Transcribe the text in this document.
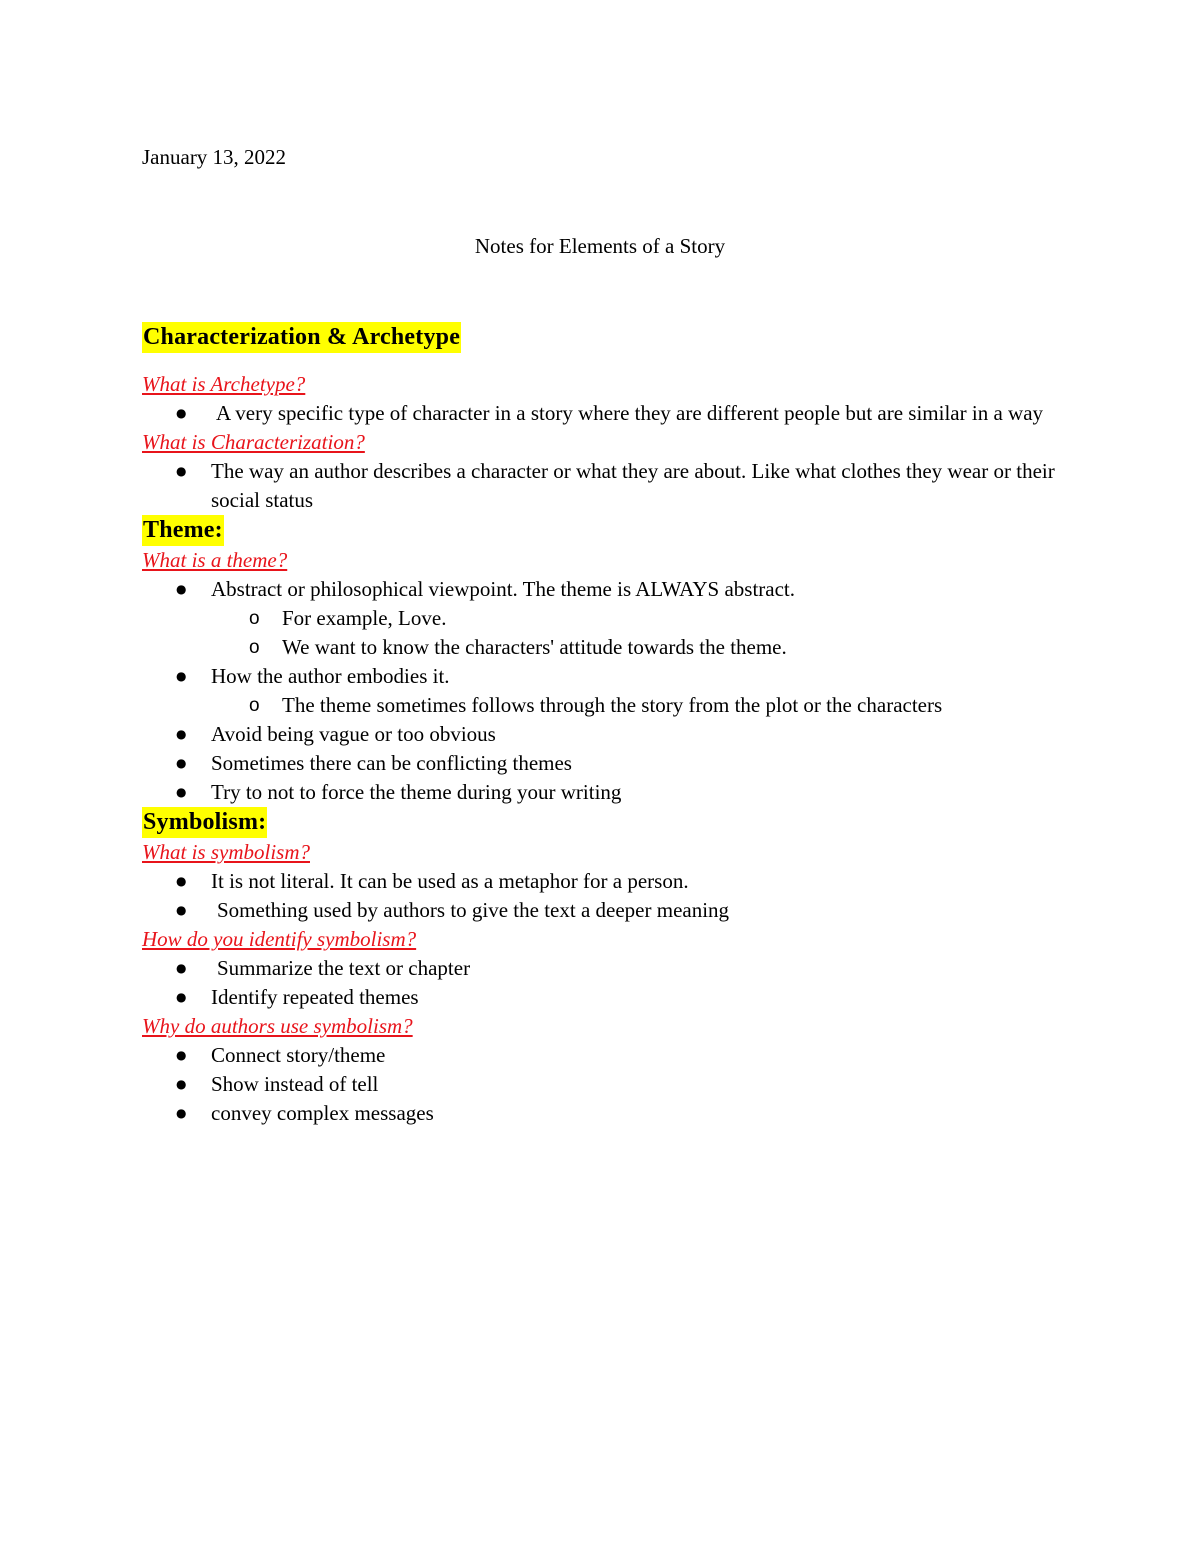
January 13, 2022
Notes for Elements of a Story
Characterization & Archetype

What is Archetype?

● A very specific type of character in a story where they are different people but are similar in a way

What is Characterization?

● The way an author describes a character or what they are about. Like what clothes they wear or their social status
Theme:

What is a theme?

● Abstract or philosophical viewpoint. The theme is ALWAYS abstract.
o For example, Love.
o We want to know the characters' attitude towards the theme.
● How the author embodies it.
o The theme sometimes follows through the story from the plot or the characters
● Avoid being vague or too obvious
● Sometimes there can be conflicting themes
● Try to not to force the theme during your writing
Symbolism:

What is symbolism?

● It is not literal. It can be used as a metaphor for a person.
● Something used by authors to give the text a deeper meaning

How do you identify symbolism?

● Summarize the text or chapter
● Identify repeated themes

Why do authors use symbolism?

● Connect story/theme
● Show instead of tell
● convey complex messages
